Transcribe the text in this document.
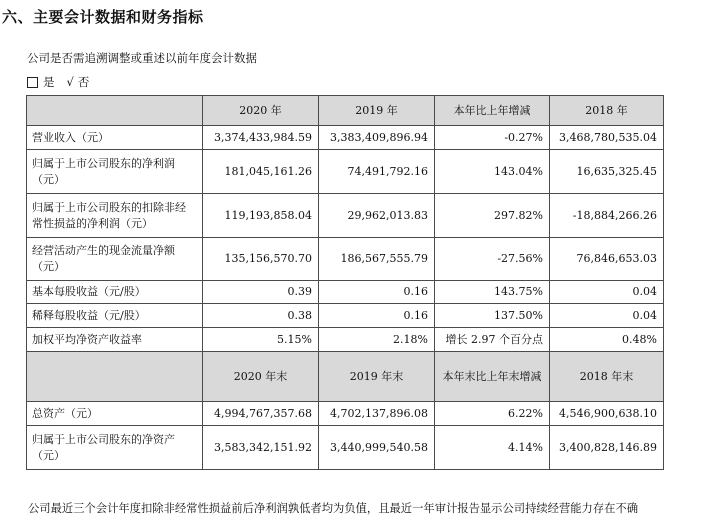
六、主要会计数据和财务指标
公司是否需追溯调整或重述以前年度会计数据
是 √ 否
	2020 年	2019 年	本年比上年增减	2018 年
营业收入（元）	3,374,433,984.59	3,383,409,896.94	-0.27%	3,468,780,535.04
归属于上市公司股东的净利润（元）	181,045,161.26	74,491,792.16	143.04%	16,635,325.45
归属于上市公司股东的扣除非经常性损益的净利润（元）	119,193,858.04	29,962,013.83	297.82%	-18,884,266.26
经营活动产生的现金流量净额（元）	135,156,570.70	186,567,555.79	-27.56%	76,846,653.03
基本每股收益（元/股）	0.39	0.16	143.75%	0.04
稀释每股收益（元/股）	0.38	0.16	137.50%	0.04
加权平均净资产收益率	5.15%	2.18%	增长 2.97 个百分点	0.48%
	2020 年末	2019 年末	本年末比上年末增减	2018 年末
总资产（元）	4,994,767,357.68	4,702,137,896.08	6.22%	4,546,900,638.10
归属于上市公司股东的净资产（元）	3,583,342,151.92	3,440,999,540.58	4.14%	3,400,828,146.89
公司最近三个会计年度扣除非经常性损益前后净利润孰低者均为负值，且最近一年审计报告显示公司持续经营能力存在不确
